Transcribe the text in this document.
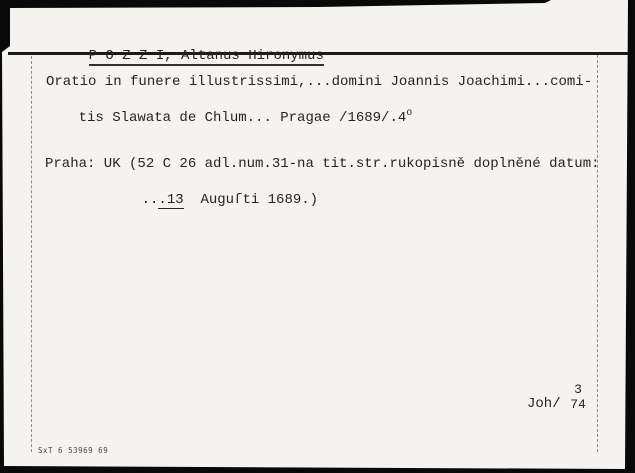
P O Z Z I, Altanus Hironymus

Oratio in funere illustrissimi,...domini Joannis Joachimi...comi-

tis Slawata de Chlum... Pragae /1689/.4o

Praha: UK (52 C 26 adl.num.31-na tit.str.rukopisně doplněné datum:

...13  Auguſti 1689.)

Joh/
3
74
SxT 6 53969 69
